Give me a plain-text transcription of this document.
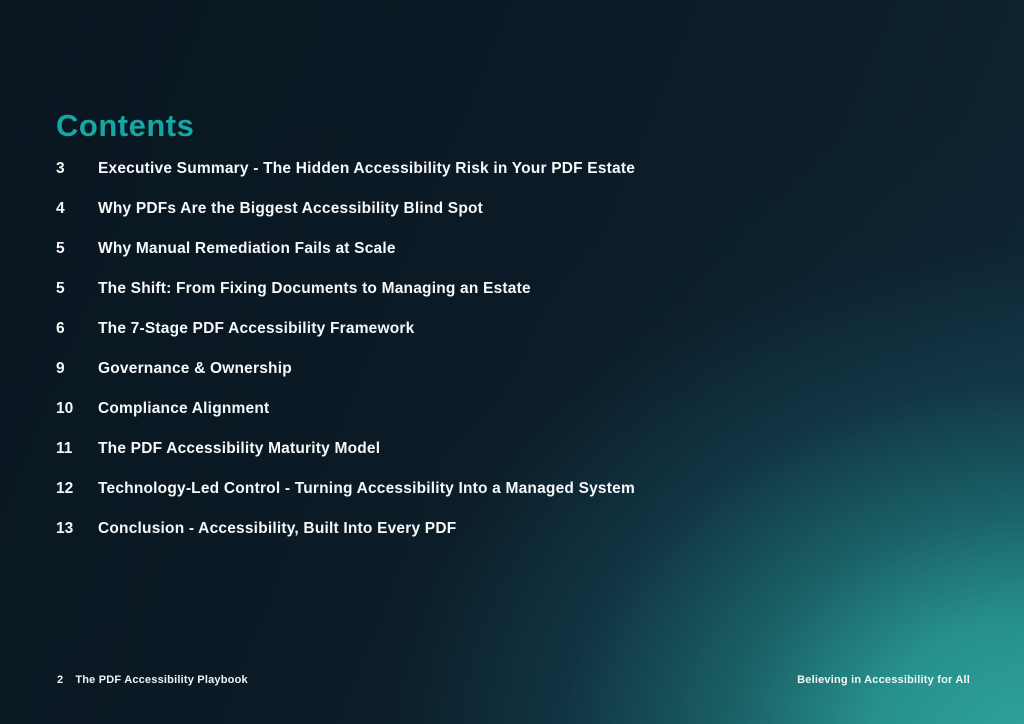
Contents
3	Executive Summary - The Hidden Accessibility Risk in Your PDF Estate
4	Why PDFs Are the Biggest Accessibility Blind Spot
5	Why Manual Remediation Fails at Scale
5	The Shift: From Fixing Documents to Managing an Estate
6	The 7-Stage PDF Accessibility Framework
9	Governance & Ownership
10	Compliance Alignment
11	The PDF Accessibility Maturity Model
12	Technology-Led Control - Turning Accessibility Into a Managed System
13	Conclusion - Accessibility, Built Into Every PDF
2 The PDF Accessibility Playbook	Believing in Accessibility for All
